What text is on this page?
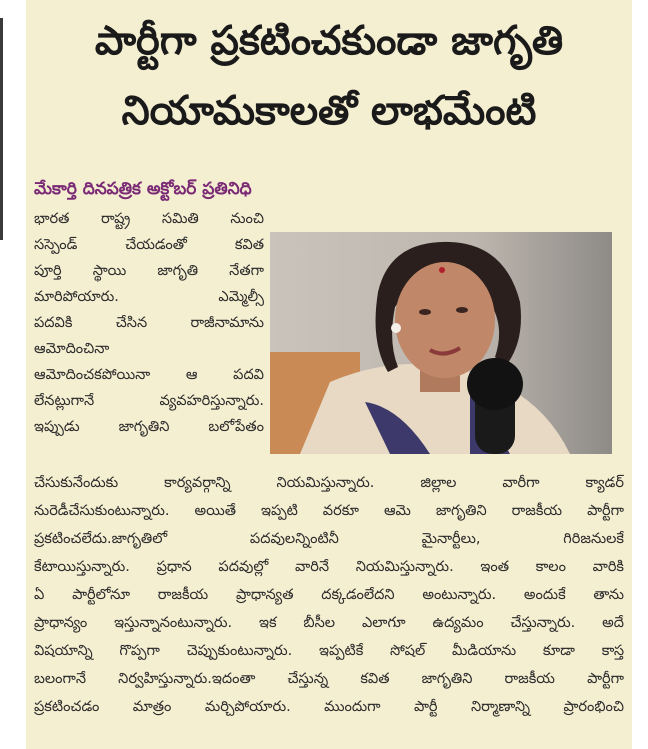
పార్టీగా ప్రకటించకుండా జాగృతి
నియామకాలతో లాభమేంటి
మేకార్తి దినపత్రిక అక్టోబర్ ప్రతినిధి
భారత రాష్ట్ర సమితి నుంచి
సస్పెండ్ చేయడంతో కవిత
పూర్తి స్థాయి జాగృతి నేతగా
మారిపోయారు. ఎమ్మెల్సీ
పదవికి చేసిన రాజీనామాను
ఆమోదించినా
ఆమోదించకపోయినా ఆ పదవి
లేనట్లుగానే వ్యవహరిస్తున్నారు.
ఇప్పుడు జాగృతిని బలోపేతం
చేసుకునేందుకు కార్యవర్గాన్ని నియమిస్తున్నారు. జిల్లాల వారీగా క్యాడర్
నురెడీచేసుకుంటున్నారు. అయితే ఇప్పటి వరకూ ఆమె జాగృతిని రాజకీయ పార్టీగా
ప్రకటించలేదు.జాగృతిలో పదవులన్నింటినీ మైనార్టీలు, గిరిజనులకే
కేటాయిస్తున్నారు. ప్రధాన పదవుల్లో వారినే నియమిస్తున్నారు. ఇంత కాలం వారికి
ఏ పార్టీలోనూ రాజకీయ ప్రాధాన్యత దక్కడంలేదని అంటున్నారు. అందుకే తాను
ప్రాధాన్యం ఇస్తున్నానంటున్నారు. ఇక బీసీల ఎలాగూ ఉద్యమం చేస్తున్నారు. అదే
విషయాన్ని గొప్పగా చెప్పుకుంటున్నారు. ఇప్పటికే సోషల్ మీడియాను కూడా కాస్త
బలంగానే నిర్వహిస్తున్నారు.ఇదంతా చేస్తున్న కవిత జాగృతిని రాజకీయ పార్టీగా
ప్రకటించడం మాత్రం మర్చిపోయారు. ముందుగా పార్టీ నిర్మాణాన్ని ప్రారంభించి
